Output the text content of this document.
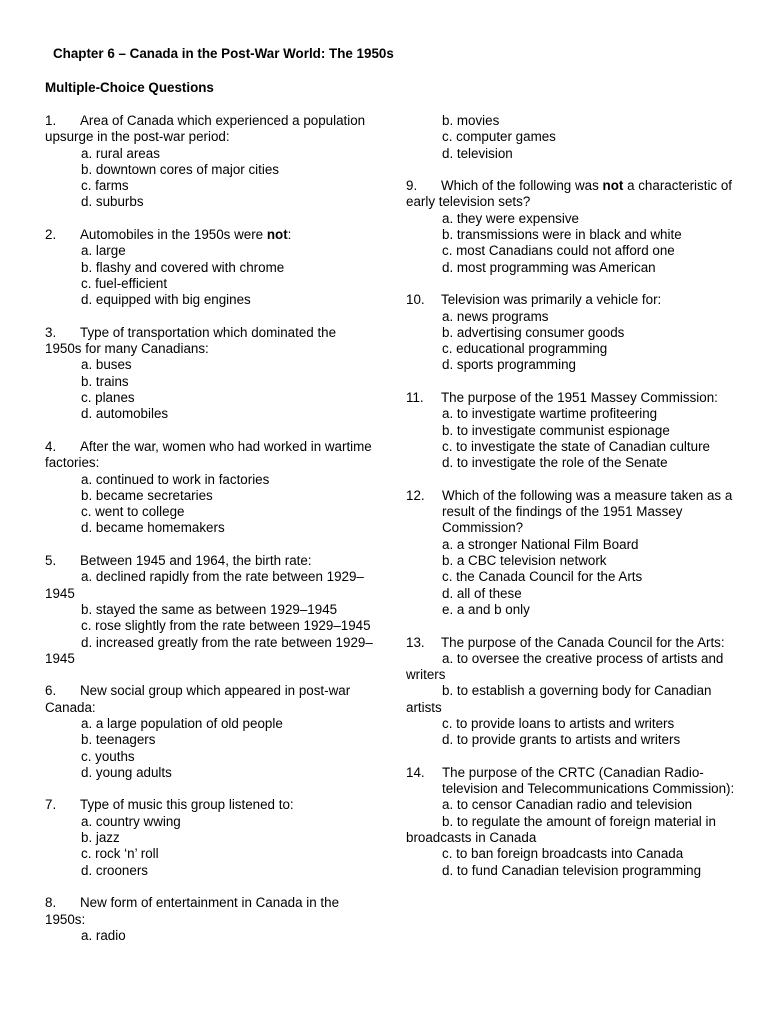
Chapter 6 – Canada in the Post-War World: The 1950s
Multiple-Choice Questions
1. Area of Canada which experienced a population upsurge in the post-war period:
a. rural areas
b. downtown cores of major cities
c. farms
d. suburbs
2. Automobiles in the 1950s were not:
a. large
b. flashy and covered with chrome
c. fuel-efficient
d. equipped with big engines
3. Type of transportation which dominated the 1950s for many Canadians:
a. buses
b. trains
c. planes
d. automobiles
4. After the war, women who had worked in wartime factories:
a. continued to work in factories
b. became secretaries
c. went to college
d. became homemakers
5. Between 1945 and 1964, the birth rate:
a. declined rapidly from the rate between 1929–1945
b. stayed the same as between 1929–1945
c. rose slightly from the rate between 1929–1945
d. increased greatly from the rate between 1929–1945
6. New social group which appeared in post-war Canada:
a. a large population of old people
b. teenagers
c. youths
d. young adults
7. Type of music this group listened to:
a. country wwing
b. jazz
c. rock ‘n’ roll
d. crooners
8. New form of entertainment in Canada in the 1950s:
a. radio
b. movies
c. computer games
d. television
9. Which of the following was not a characteristic of early television sets?
a. they were expensive
b. transmissions were in black and white
c. most Canadians could not afford one
d. most programming was American
10. Television was primarily a vehicle for:
a. news programs
b. advertising consumer goods
c. educational programming
d. sports programming
11. The purpose of the 1951 Massey Commission:
a. to investigate wartime profiteering
b. to investigate communist espionage
c. to investigate the state of Canadian culture
d. to investigate the role of the Senate
12.	Which of the following was a measure taken as a result of the findings of the 1951 Massey Commission?
a. a stronger National Film Board
b. a CBC television network
c. the Canada Council for the Arts
d. all of these
e. a and b only
13. The purpose of the Canada Council for the Arts:
a. to oversee the creative process of artists and writers
b. to establish a governing body for Canadian artists
c. to provide loans to artists and writers
d. to provide grants to artists and writers
14.	The purpose of the CRTC (Canadian Radio-television and Telecommunications Commission):
a. to censor Canadian radio and television
b. to regulate the amount of foreign material in broadcasts in Canada
c. to ban foreign broadcasts into Canada
d. to fund Canadian television programming
